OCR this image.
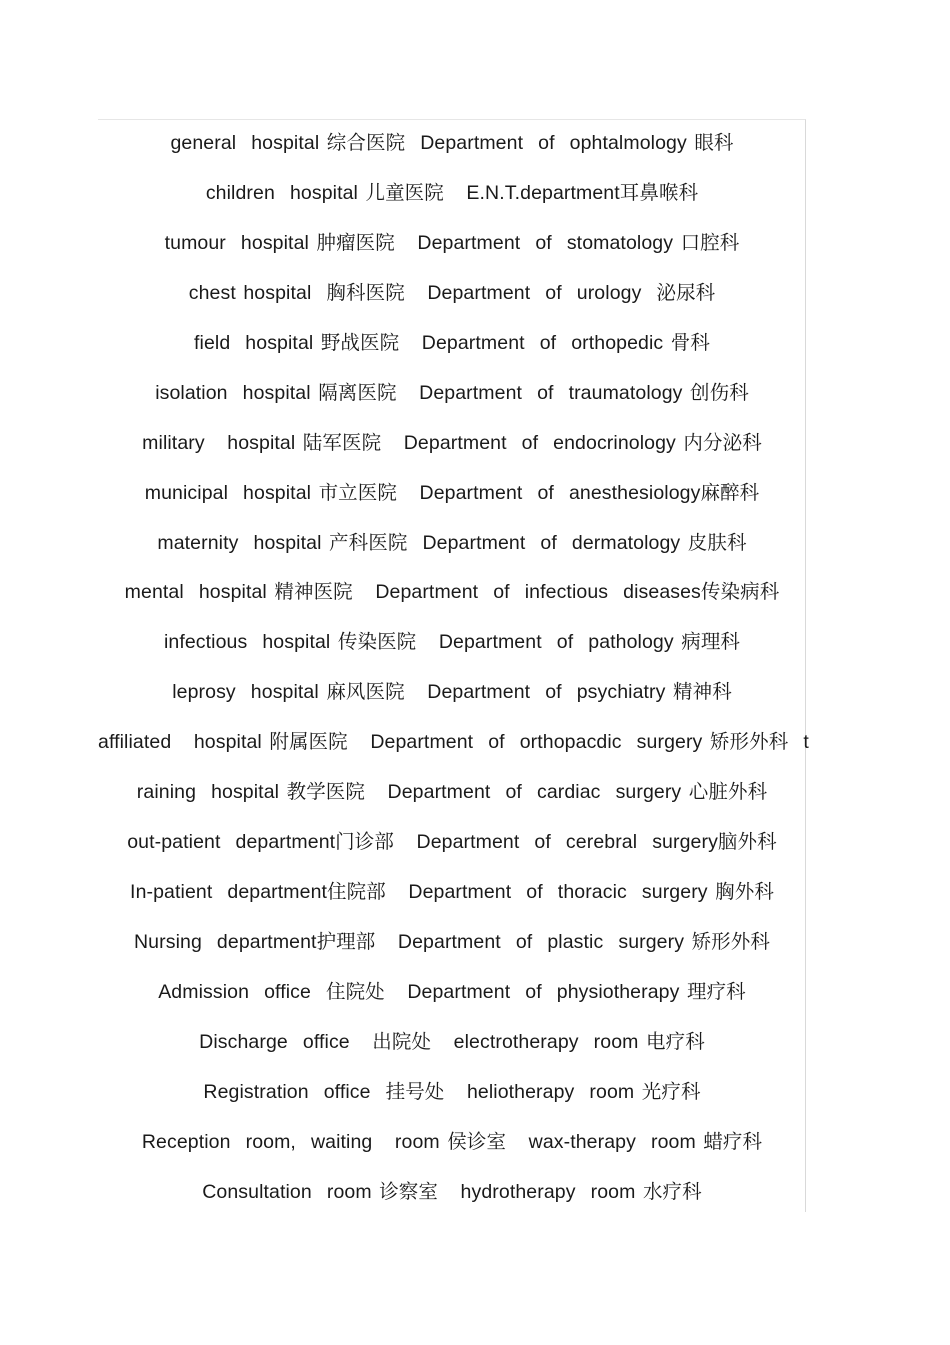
general  hospital 综合医院  Department  of  ophtalmology 眼科
children  hospital 儿童医院   E.N.T.department耳鼻喉科
tumour  hospital 肿瘤医院   Department  of  stomatology 口腔科
chest hospital  胸科医院   Department  of  urology  泌尿科
field  hospital 野战医院   Department  of  orthopedic 骨科
isolation  hospital 隔离医院   Department  of  traumatology 创伤科
military   hospital 陆军医院   Department  of  endocrinology 内分泌科
municipal  hospital 市立医院   Department  of  anesthesiology麻醉科
maternity  hospital 产科医院  Department  of  dermatology 皮肤科
mental  hospital 精神医院   Department  of  infectious  diseases传染病科
infectious  hospital 传染医院   Department  of  pathology 病理科
leprosy  hospital 麻风医院   Department  of  psychiatry 精神科
affiliated   hospital 附属医院   Department  of  orthopacdic  surgery 矫形外科  t
raining  hospital 教学医院   Department  of  cardiac  surgery 心脏外科
out-patient  department门诊部   Department  of  cerebral  surgery脑外科
In-patient  department住院部   Department  of  thoracic  surgery 胸外科
Nursing  department护理部   Department  of  plastic  surgery 矫形外科
Admission  office  住院处   Department  of  physiotherapy 理疗科
Discharge  office   出院处   electrotherapy  room 电疗科
Registration  office  挂号处   heliotherapy  room 光疗科
Reception  room,  waiting   room 侯诊室   wax-therapy  room 蜡疗科
Consultation  room 诊察室   hydrotherapy  room 水疗科
